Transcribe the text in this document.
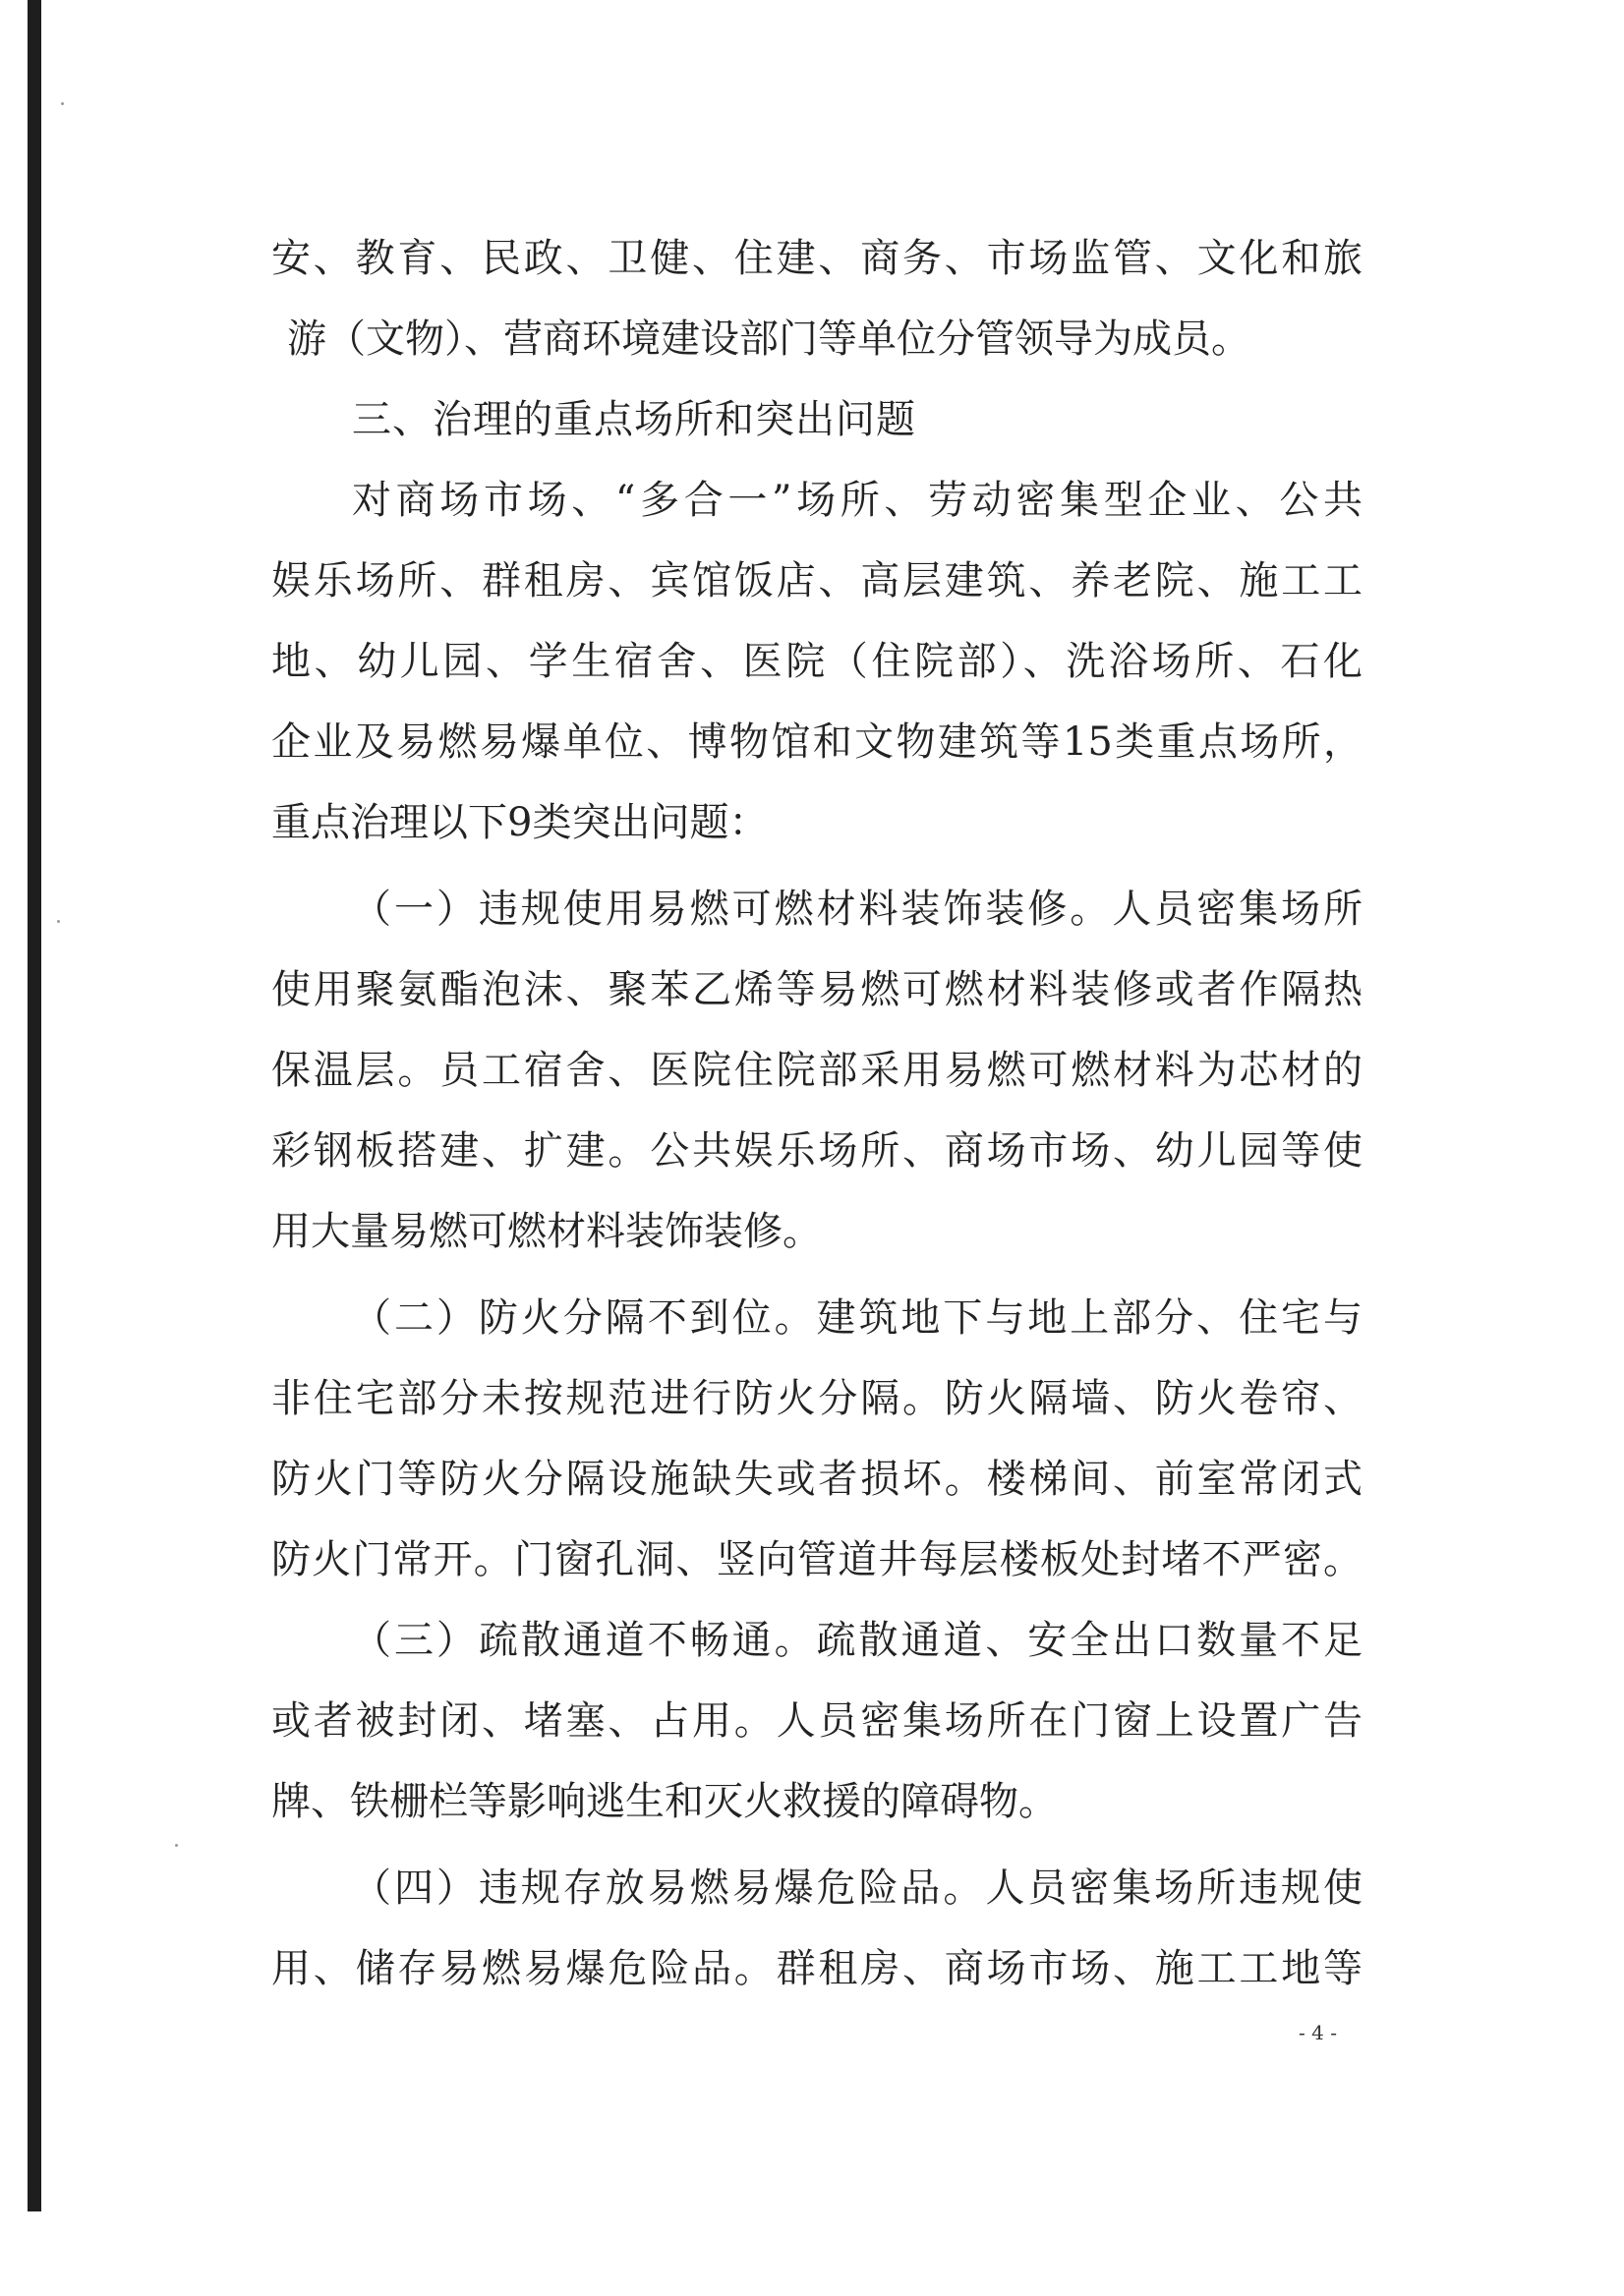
安、教育、民政、卫健、住建、商务、市场监管、文化和旅
游（文物）、营商环境建设部门等单位分管领导为成员。
三、治理的重点场所和突出问题
对商场市场、“多合一”场所、劳动密集型企业、公共
娱乐场所、群租房、宾馆饭店、高层建筑、养老院、施工工
地、幼儿园、学生宿舍、医院（住院部）、洗浴场所、石化
企业及易燃易爆单位、博物馆和文物建筑等15类重点场所，
重点治理以下9类突出问题：
（一）违规使用易燃可燃材料装饰装修。人员密集场所
使用聚氨酯泡沫、聚苯乙烯等易燃可燃材料装修或者作隔热
保温层。员工宿舍、医院住院部采用易燃可燃材料为芯材的
彩钢板搭建、扩建。公共娱乐场所、商场市场、幼儿园等使
用大量易燃可燃材料装饰装修。
（二）防火分隔不到位。建筑地下与地上部分、住宅与
非住宅部分未按规范进行防火分隔。防火隔墙、防火卷帘、
防火门等防火分隔设施缺失或者损坏。楼梯间、前室常闭式
防火门常开。门窗孔洞、竖向管道井每层楼板处封堵不严密。
（三）疏散通道不畅通。疏散通道、安全出口数量不足
或者被封闭、堵塞、占用。人员密集场所在门窗上设置广告
牌、铁栅栏等影响逃生和灭火救援的障碍物。
（四）违规存放易燃易爆危险品。人员密集场所违规使
用、储存易燃易爆危险品。群租房、商场市场、施工工地等
- 4 -
